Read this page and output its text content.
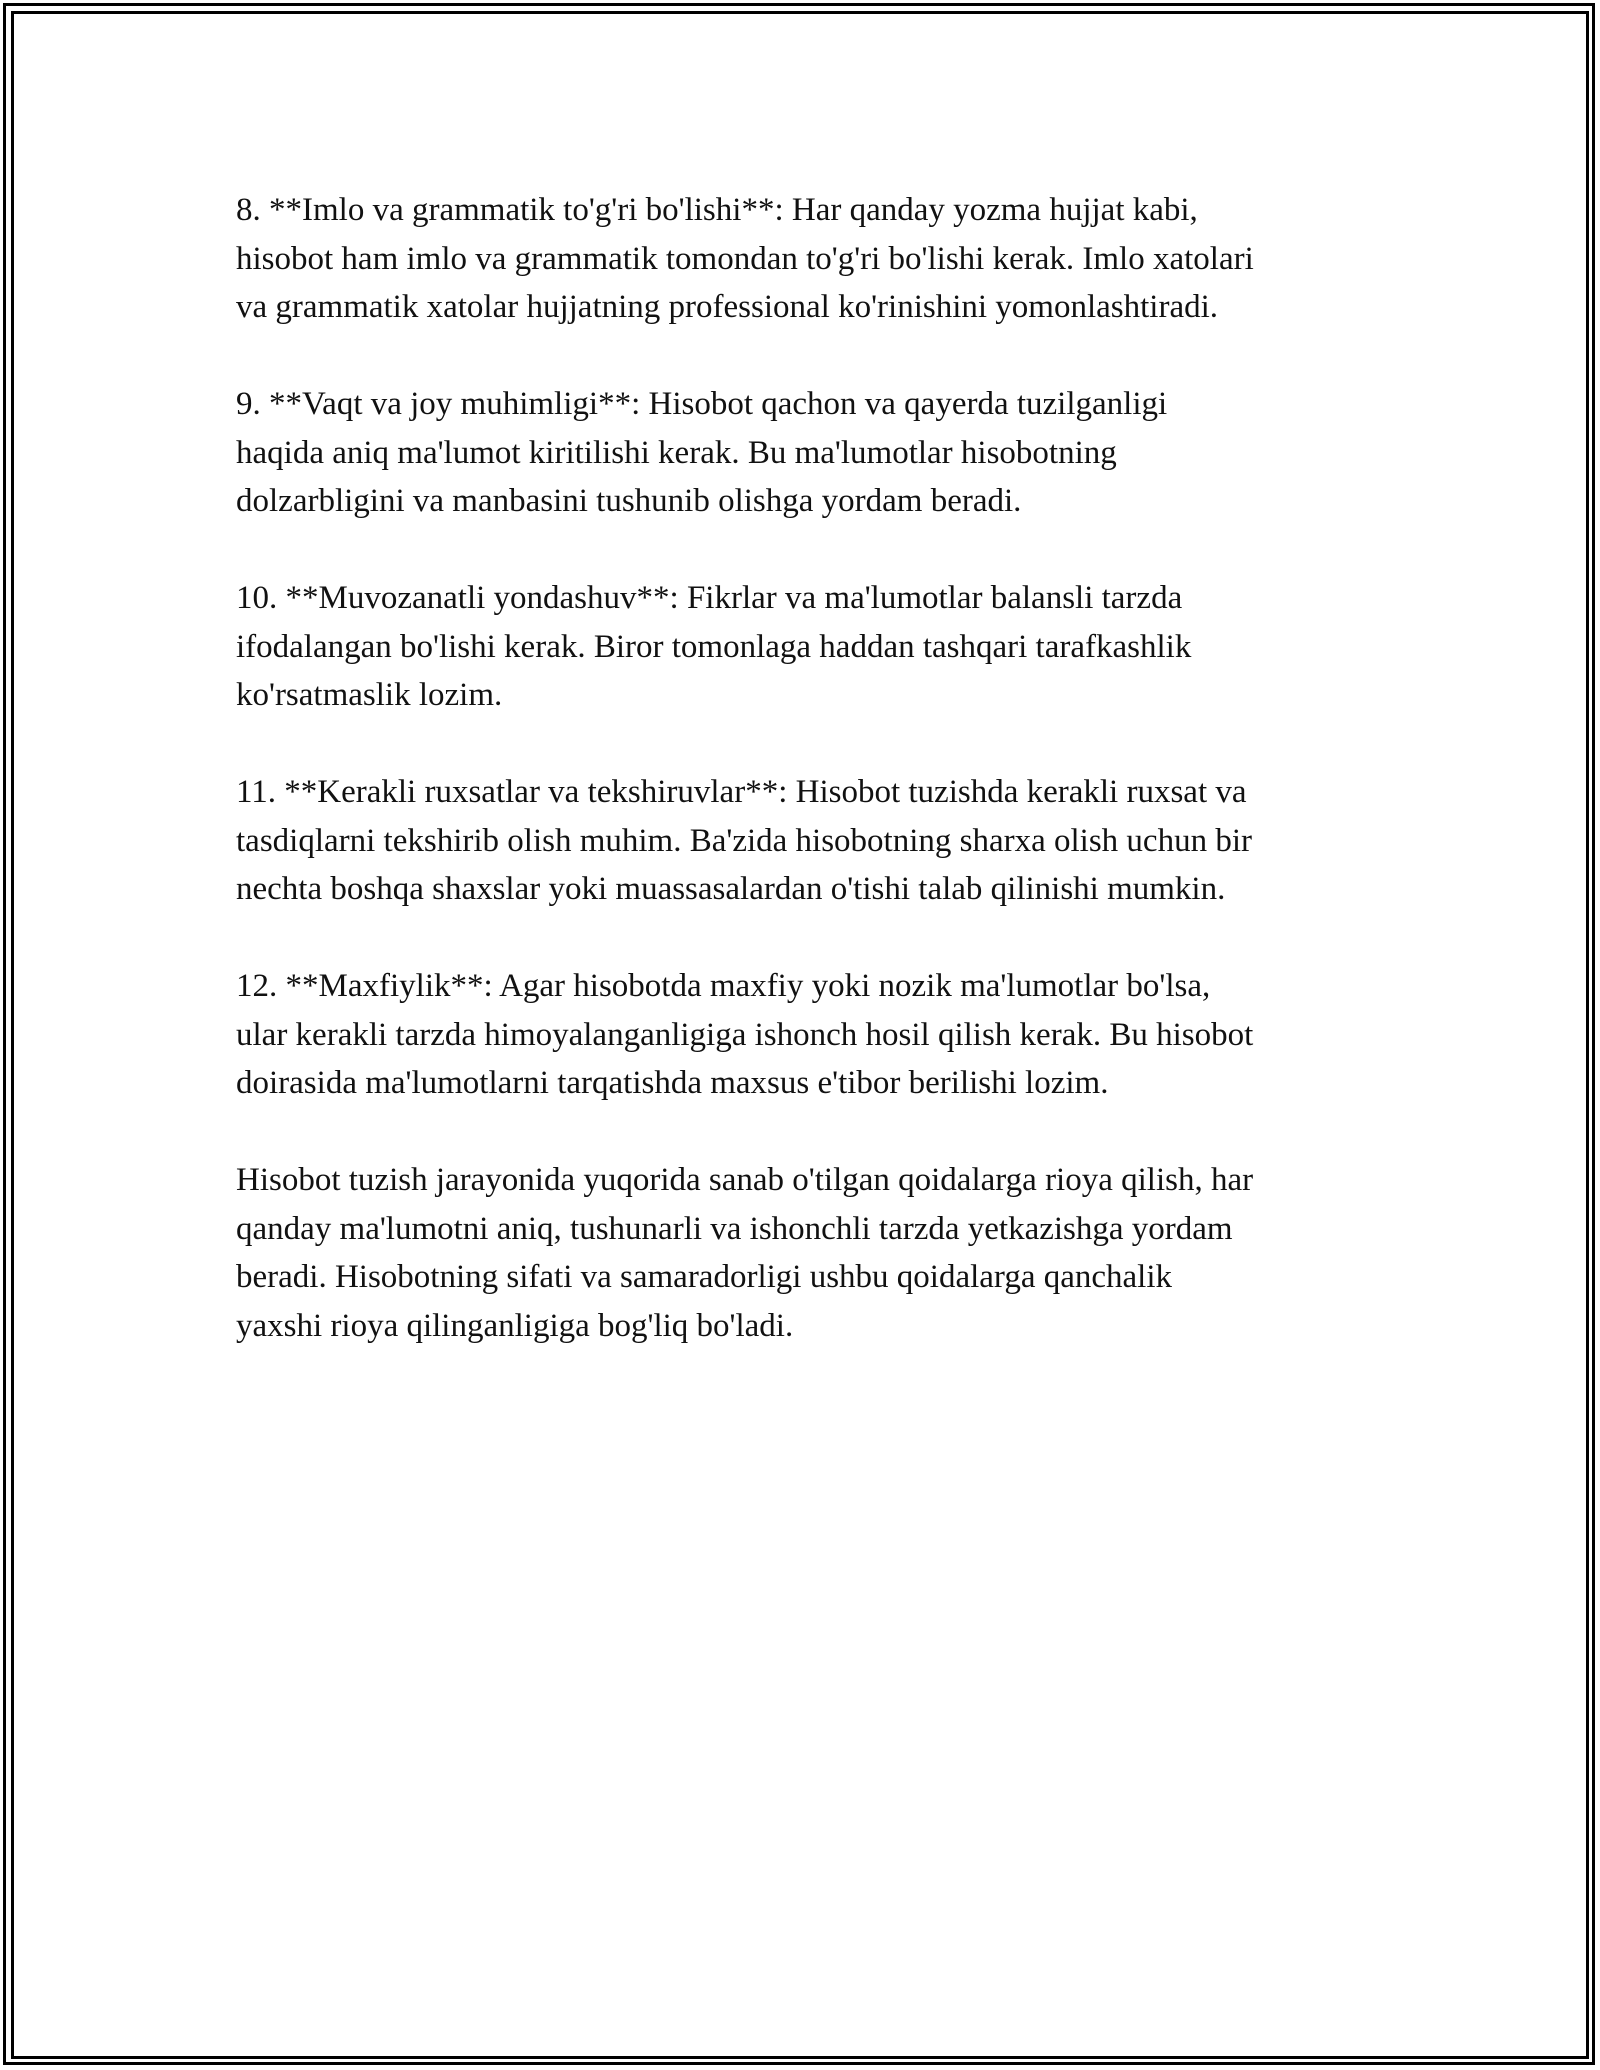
8. **Imlo va grammatik to'g'ri bo'lishi**: Har qanday yozma hujjat kabi,
hisobot ham imlo va grammatik tomondan to'g'ri bo'lishi kerak. Imlo xatolari
va grammatik xatolar hujjatning professional ko'rinishini yomonlashtiradi.

9. **Vaqt va joy muhimligi**: Hisobot qachon va qayerda tuzilganligi
haqida aniq ma'lumot kiritilishi kerak. Bu ma'lumotlar hisobotning
dolzarbligini va manbasini tushunib olishga yordam beradi.

10. **Muvozanatli yondashuv**: Fikrlar va ma'lumotlar balansli tarzda
ifodalangan bo'lishi kerak. Biror tomonlaga haddan tashqari tarafkashlik
ko'rsatmaslik lozim.

11. **Kerakli ruxsatlar va tekshiruvlar**: Hisobot tuzishda kerakli ruxsat va
tasdiqlarni tekshirib olish muhim. Ba'zida hisobotning sharxa olish uchun bir
nechta boshqa shaxslar yoki muassasalardan o'tishi talab qilinishi mumkin.

12. **Maxfiylik**: Agar hisobotda maxfiy yoki nozik ma'lumotlar bo'lsa,
ular kerakli tarzda himoyalanganligiga ishonch hosil qilish kerak. Bu hisobot
doirasida ma'lumotlarni tarqatishda maxsus e'tibor berilishi lozim.

Hisobot tuzish jarayonida yuqorida sanab o'tilgan qoidalarga rioya qilish, har
qanday ma'lumotni aniq, tushunarli va ishonchli tarzda yetkazishga yordam
beradi. Hisobotning sifati va samaradorligi ushbu qoidalarga qanchalik
yaxshi rioya qilinganligiga bog'liq bo'ladi.
